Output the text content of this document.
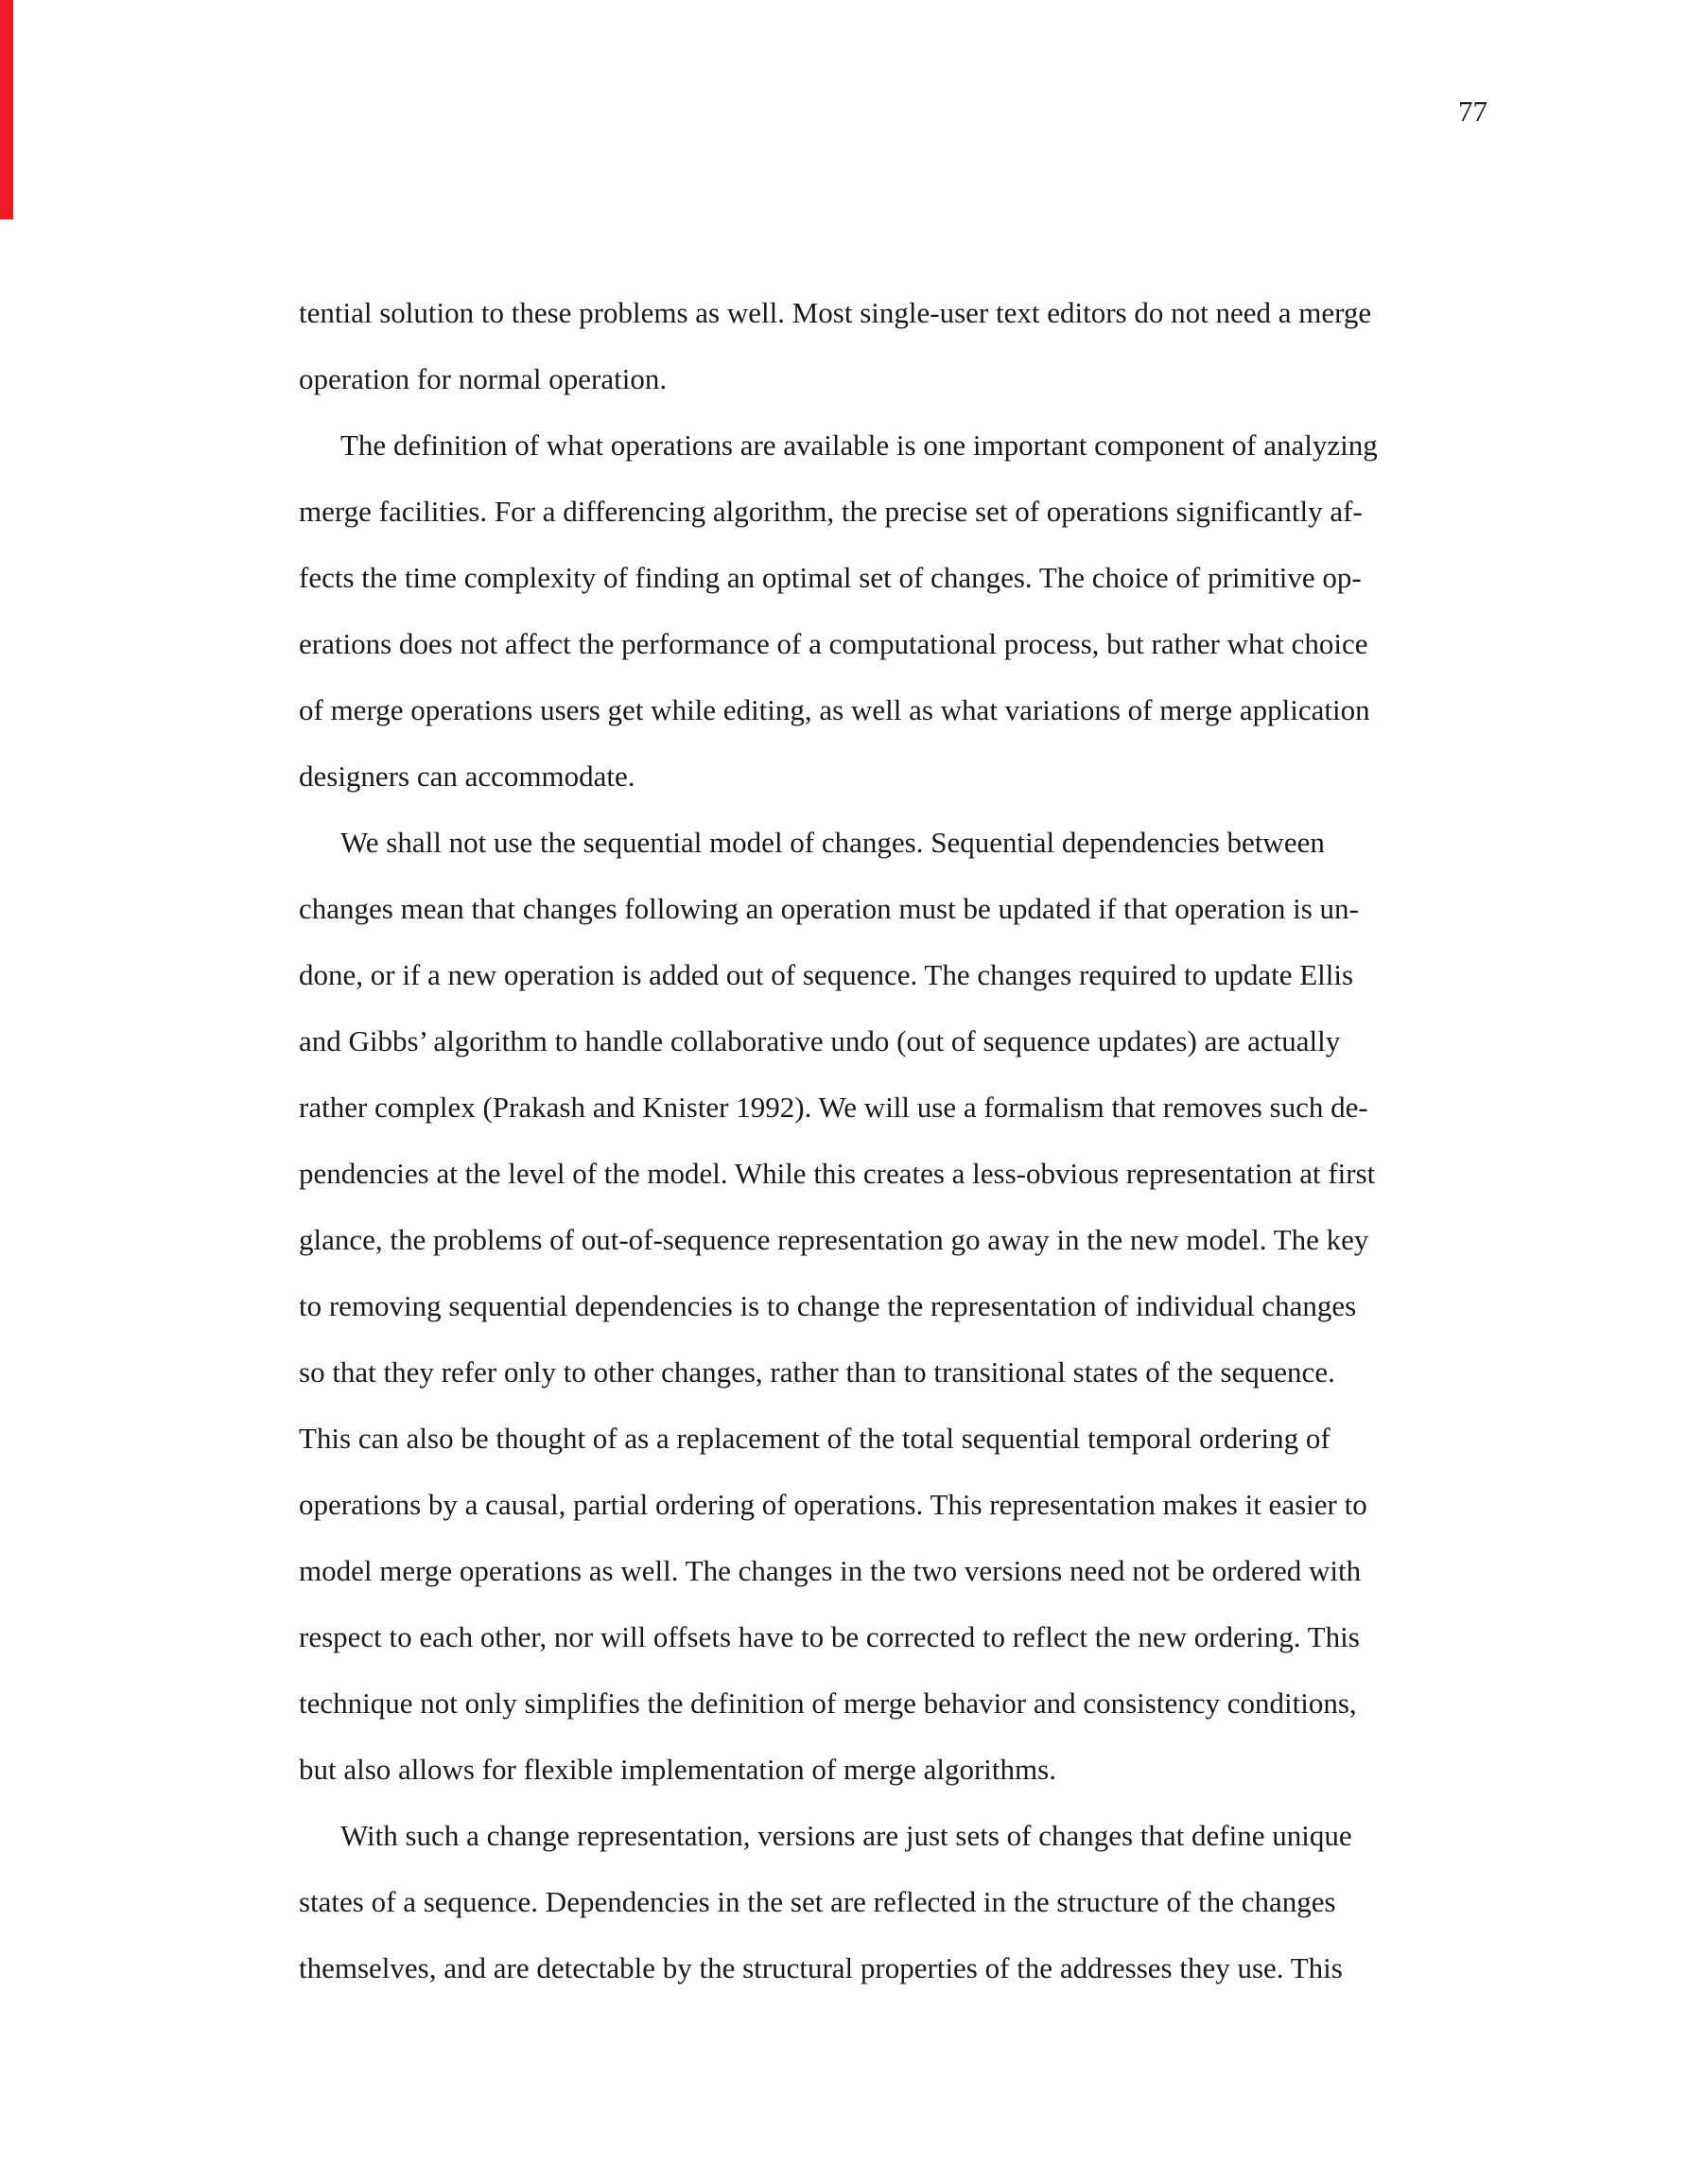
77
tential solution to these problems as well. Most single-user text editors do not need a merge
operation for normal operation.
The definition of what operations are available is one important component of analyzing
merge facilities. For a differencing algorithm, the precise set of operations significantly af-
fects the time complexity of finding an optimal set of changes. The choice of primitive op-
erations does not affect the performance of a computational process, but rather what choice
of merge operations users get while editing, as well as what variations of merge application
designers can accommodate.
We shall not use the sequential model of changes. Sequential dependencies between
changes mean that changes following an operation must be updated if that operation is un-
done, or if a new operation is added out of sequence. The changes required to update Ellis
and Gibbs’ algorithm to handle collaborative undo (out of sequence updates) are actually
rather complex (Prakash and Knister 1992). We will use a formalism that removes such de-
pendencies at the level of the model. While this creates a less-obvious representation at first
glance, the problems of out-of-sequence representation go away in the new model. The key
to removing sequential dependencies is to change the representation of individual changes
so that they refer only to other changes, rather than to transitional states of the sequence.
This can also be thought of as a replacement of the total sequential temporal ordering of
operations by a causal, partial ordering of operations. This representation makes it easier to
model merge operations as well. The changes in the two versions need not be ordered with
respect to each other, nor will offsets have to be corrected to reflect the new ordering. This
technique not only simplifies the definition of merge behavior and consistency conditions,
but also allows for flexible implementation of merge algorithms.
With such a change representation, versions are just sets of changes that define unique
states of a sequence. Dependencies in the set are reflected in the structure of the changes
themselves, and are detectable by the structural properties of the addresses they use. This
